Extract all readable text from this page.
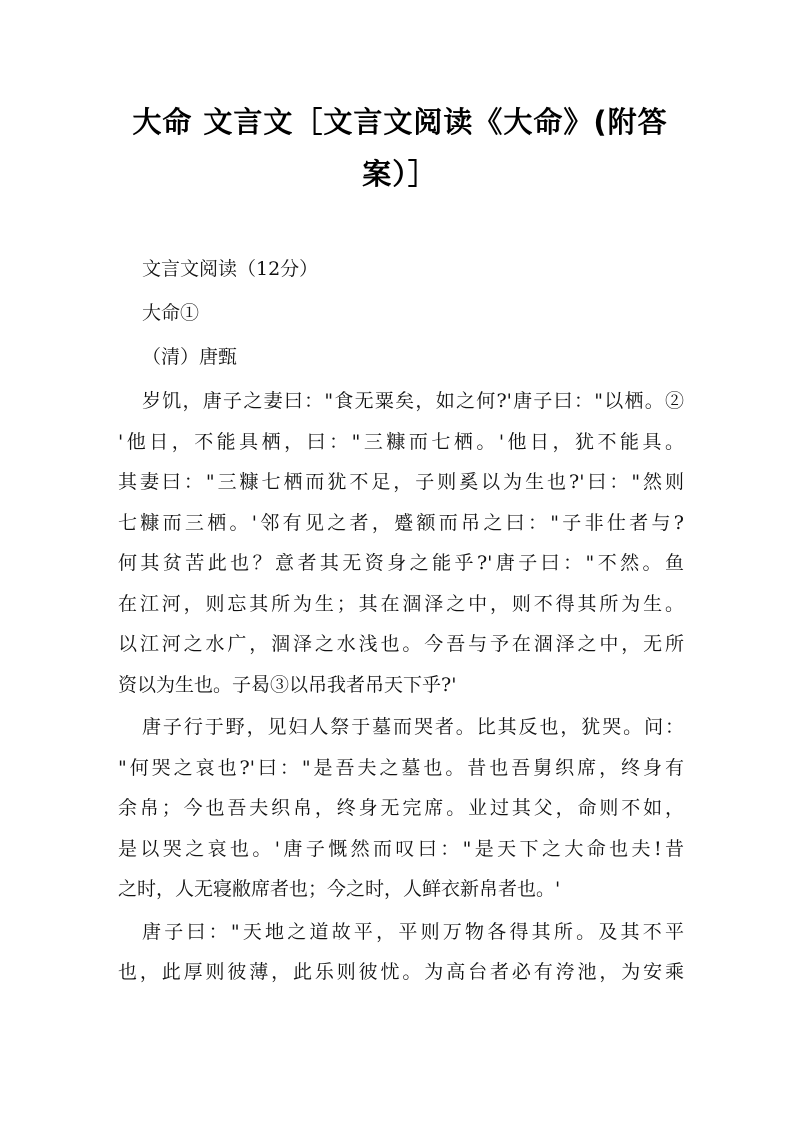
大命 文言文［文言文阅读《大命》(附答
案）］
文言文阅读（12分）
大命①
（清）唐甄
岁饥，唐子之妻曰："食无粟矣，如之何?'唐子曰："以栖。②
'他日，不能具栖，曰："三糠而七栖。'他日，犹不能具。
其妻曰："三糠七栖而犹不足，子则奚以为生也?'曰："然则
七糠而三栖。'邻有见之者，蹙额而吊之曰："子非仕者与?
何其贫苦此也？意者其无资身之能乎?'唐子曰："不然。鱼
在江河，则忘其所为生；其在涸泽之中，则不得其所为生。
以江河之水广，涸泽之水浅也。今吾与予在涸泽之中，无所
资以为生也。子曷③以吊我者吊天下乎?'
唐子行于野，见妇人祭于墓而哭者。比其反也，犹哭。问：
"何哭之哀也?'曰："是吾夫之墓也。昔也吾舅织席，终身有
余帛；今也吾夫织帛，终身无完席。业过其父，命则不如，
是以哭之哀也。'唐子慨然而叹曰："是天下之大命也夫!昔
之时，人无寝敝席者也；今之时，人鲜衣新帛者也。'
唐子曰："天地之道故平，平则万物各得其所。及其不平
也，此厚则彼薄，此乐则彼忧。为高台者必有洿池，为安乘
